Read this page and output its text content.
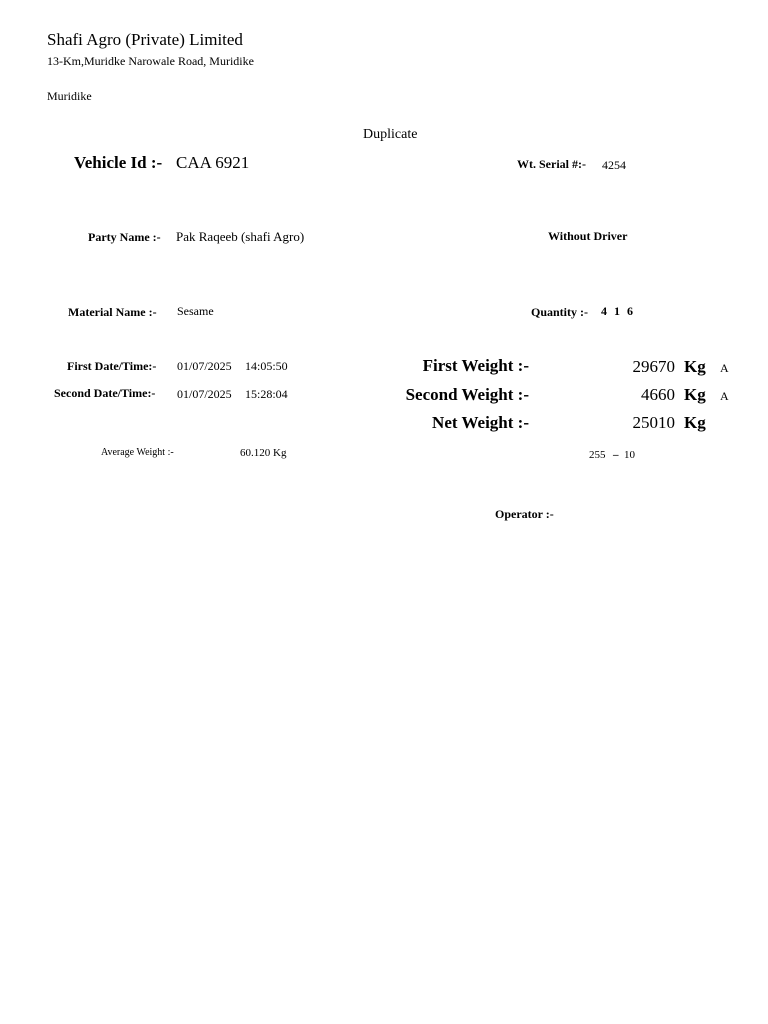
Shafi Agro (Private) Limited
13-Km,Muridke Narowale Road, Muridike
Muridike
Duplicate
Vehicle Id :- CAA 6921	Wt. Serial #:- 4254
Party Name :- Pak Raqeeb (shafi Agro)	Without Driver
Material Name :- Sesame	Quantity :- 4 1 6
First Date/Time:- 01/07/2025 14:05:50
Second Date/Time:- 01/07/2025 15:28:04
First Weight :-	29670 Kg A
Second Weight :-	4660 Kg A
Net Weight :-	25010 Kg
Average Weight :-	60.120 Kg	255 – 10
Operator :-
